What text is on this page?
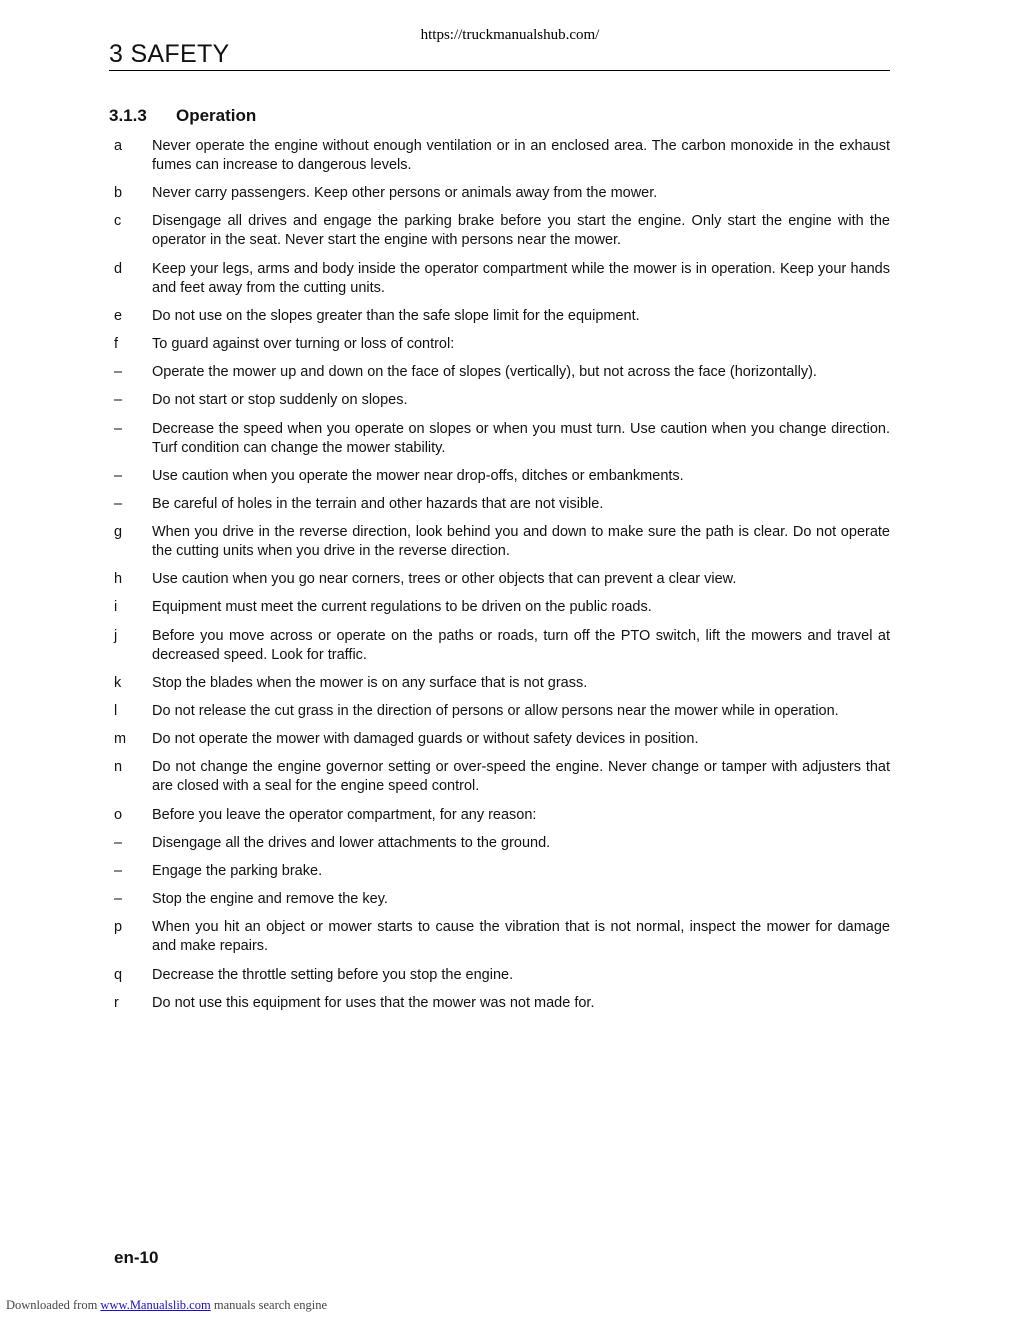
https://truckmanualshub.com/
3 SAFETY
3.1.3 Operation
a Never operate the engine without enough ventilation or in an enclosed area. The carbon monoxide in the exhaust fumes can increase to dangerous levels.
b Never carry passengers. Keep other persons or animals away from the mower.
c Disengage all drives and engage the parking brake before you start the engine. Only start the engine with the operator in the seat. Never start the engine with persons near the mower.
d Keep your legs, arms and body inside the operator compartment while the mower is in operation. Keep your hands and feet away from the cutting units.
e Do not use on the slopes greater than the safe slope limit for the equipment.
f To guard against over turning or loss of control:
– Operate the mower up and down on the face of slopes (vertically), but not across the face (horizontally).
– Do not start or stop suddenly on slopes.
– Decrease the speed when you operate on slopes or when you must turn. Use caution when you change direction. Turf condition can change the mower stability.
– Use caution when you operate the mower near drop-offs, ditches or embankments.
– Be careful of holes in the terrain and other hazards that are not visible.
g When you drive in the reverse direction, look behind you and down to make sure the path is clear. Do not operate the cutting units when you drive in the reverse direction.
h Use caution when you go near corners, trees or other objects that can prevent a clear view.
i Equipment must meet the current regulations to be driven on the public roads.
j Before you move across or operate on the paths or roads, turn off the PTO switch, lift the mowers and travel at decreased speed. Look for traffic.
k Stop the blades when the mower is on any surface that is not grass.
l Do not release the cut grass in the direction of persons or allow persons near the mower while in operation.
m Do not operate the mower with damaged guards or without safety devices in position.
n Do not change the engine governor setting or over-speed the engine. Never change or tamper with adjusters that are closed with a seal for the engine speed control.
o Before you leave the operator compartment, for any reason:
– Disengage all the drives and lower attachments to the ground.
– Engage the parking brake.
– Stop the engine and remove the key.
p When you hit an object or mower starts to cause the vibration that is not normal, inspect the mower for damage and make repairs.
q Decrease the throttle setting before you stop the engine.
r Do not use this equipment for uses that the mower was not made for.
en-10
Downloaded from www.Manualslib.com manuals search engine
